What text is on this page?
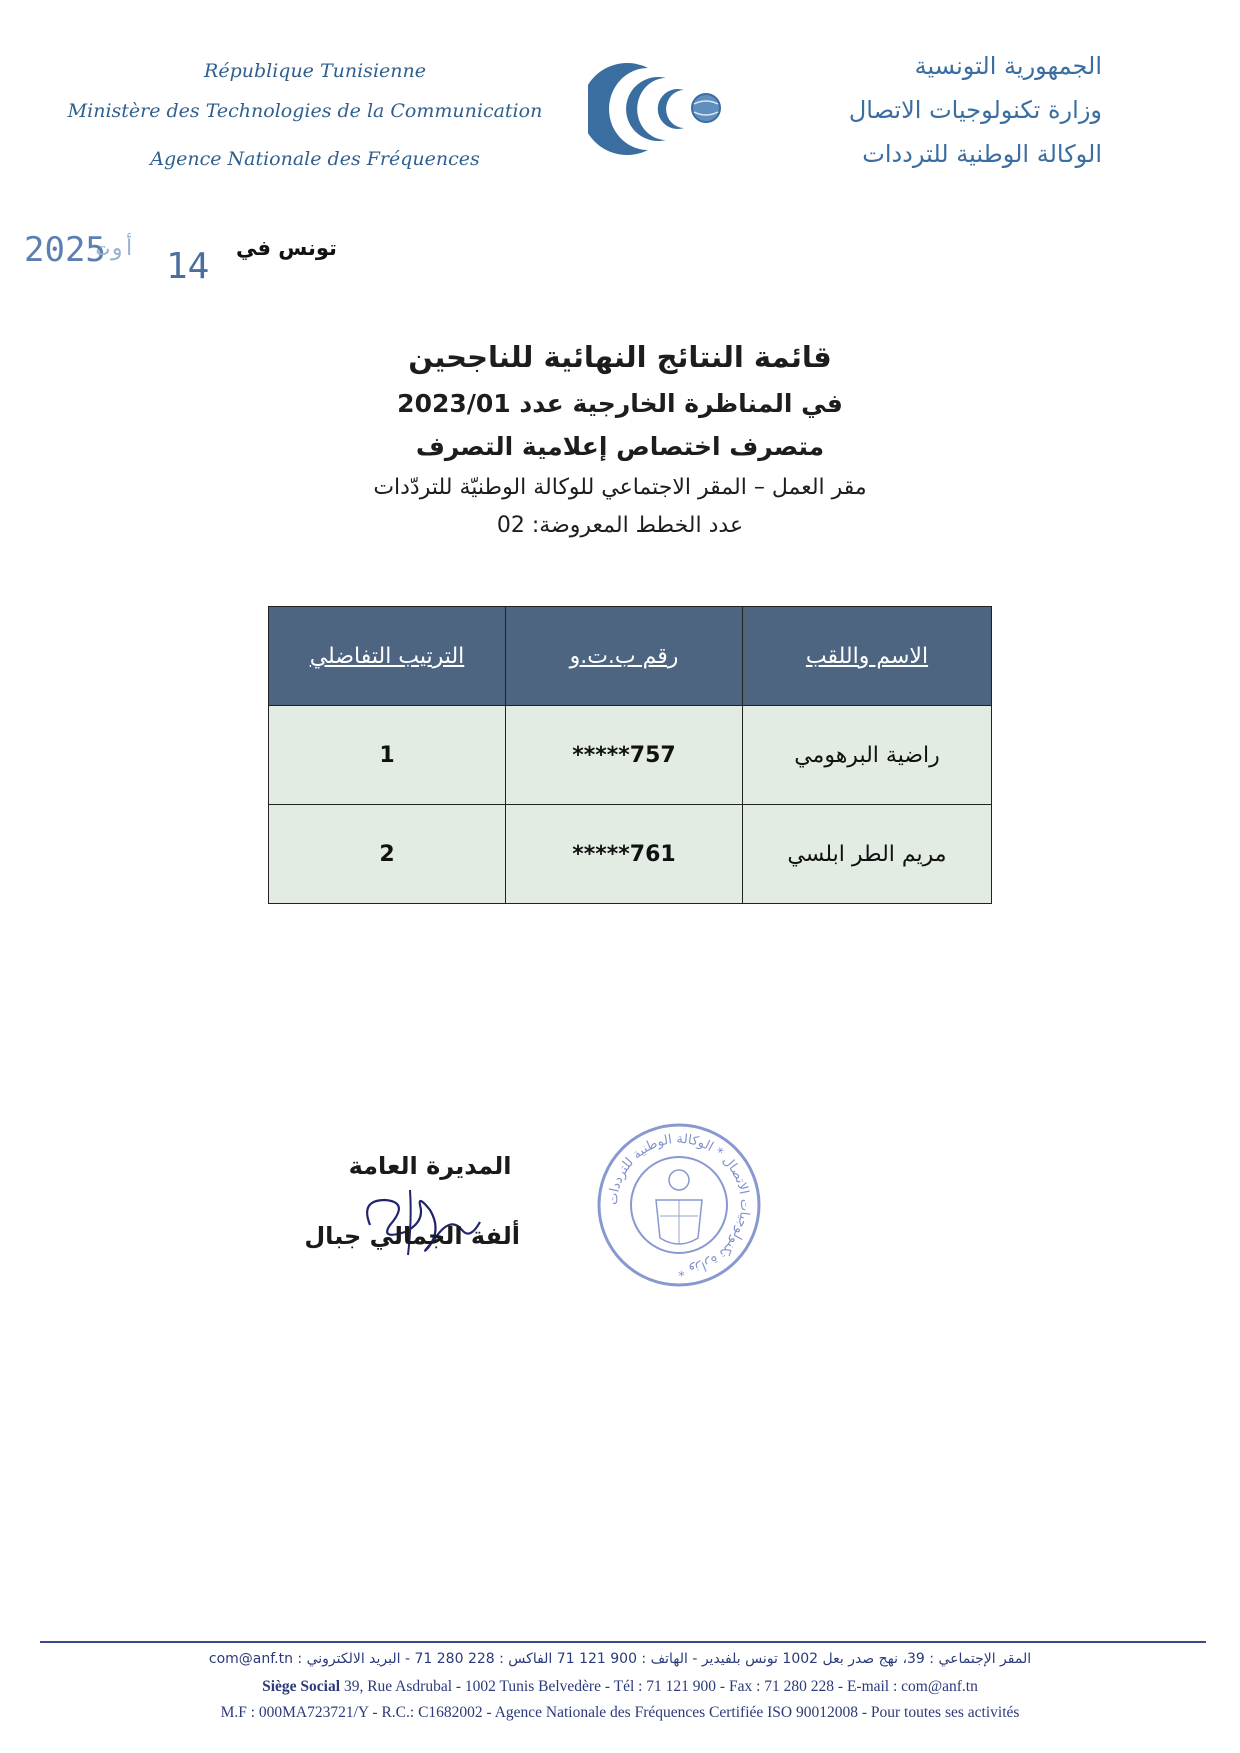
République Tunisienne
Ministère des Technologies de la Communication
Agence Nationale des Fréquences
الجمهورية التونسية
وزارة تكنولوجيات الاتصال
الوكالة الوطنية للترددات
2025
أوت 14 تونس في
قائمة النتائج النهائية للناجحين
في المناظرة الخارجية عدد 2023/01
متصرف اختصاص إعلامية التصرف
مقر العمل – المقر الاجتماعي للوكالة الوطنيّة للتردّدات
عدد الخطط المعروضة: 02
الاسم واللقب	رقم ب.ت.و	الترتيب التفاضلي
راضية البرهومي	*****757	1
مريم الطر ابلسي	*****761	2
وزارة تكنولوجيات الاتصال * الوكالة الوطنية للترددات *
المديرة العامة
ألفة الجمالي جبال
المقر الإجتماعي : 39، نهج صدر بعل 1002 تونس بلفيدير - الهاتف : 900 121 71 الفاكس : 228 280 71 - البريد الالكتروني : com@anf.tn
Siège Social 39, Rue Asdrubal - 1002 Tunis Belvedère - Tél : 71 121 900 - Fax : 71 280 228 - E-mail : com@anf.tn
M.F : 000MA723721/Y - R.C.: C1682002 - Agence Nationale des Fréquences Certifiée ISO 90012008 - Pour toutes ses activités
